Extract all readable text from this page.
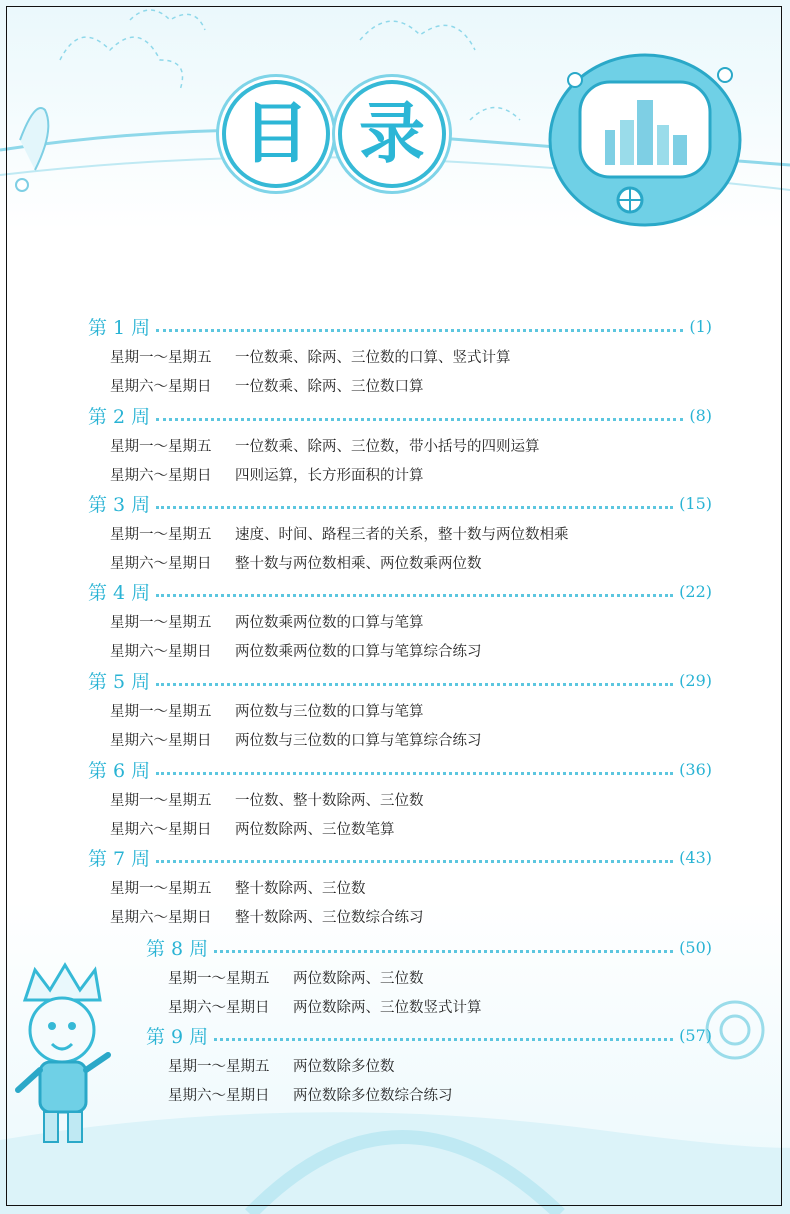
目 录
第 1 周	(1)
星期一～星期五	一位数乘、除两、三位数的口算、竖式计算
星期六～星期日	一位数乘、除两、三位数口算
第 2 周	(8)
星期一～星期五	一位数乘、除两、三位数，带小括号的四则运算
星期六～星期日	四则运算，长方形面积的计算
第 3 周	(15)
星期一～星期五	速度、时间、路程三者的关系，整十数与两位数相乘
星期六～星期日	整十数与两位数相乘、两位数乘两位数
第 4 周	(22)
星期一～星期五	两位数乘两位数的口算与笔算
星期六～星期日	两位数乘两位数的口算与笔算综合练习
第 5 周	(29)
星期一～星期五	两位数与三位数的口算与笔算
星期六～星期日	两位数与三位数的口算与笔算综合练习
第 6 周	(36)
星期一～星期五	一位数、整十数除两、三位数
星期六～星期日	两位数除两、三位数笔算
第 7 周	(43)
星期一～星期五	整十数除两、三位数
星期六～星期日	整十数除两、三位数综合练习
第 8 周	(50)
星期一～星期五	两位数除两、三位数
星期六～星期日	两位数除两、三位数竖式计算
第 9 周	(57)
星期一～星期五	两位数除多位数
星期六～星期日	两位数除多位数综合练习
